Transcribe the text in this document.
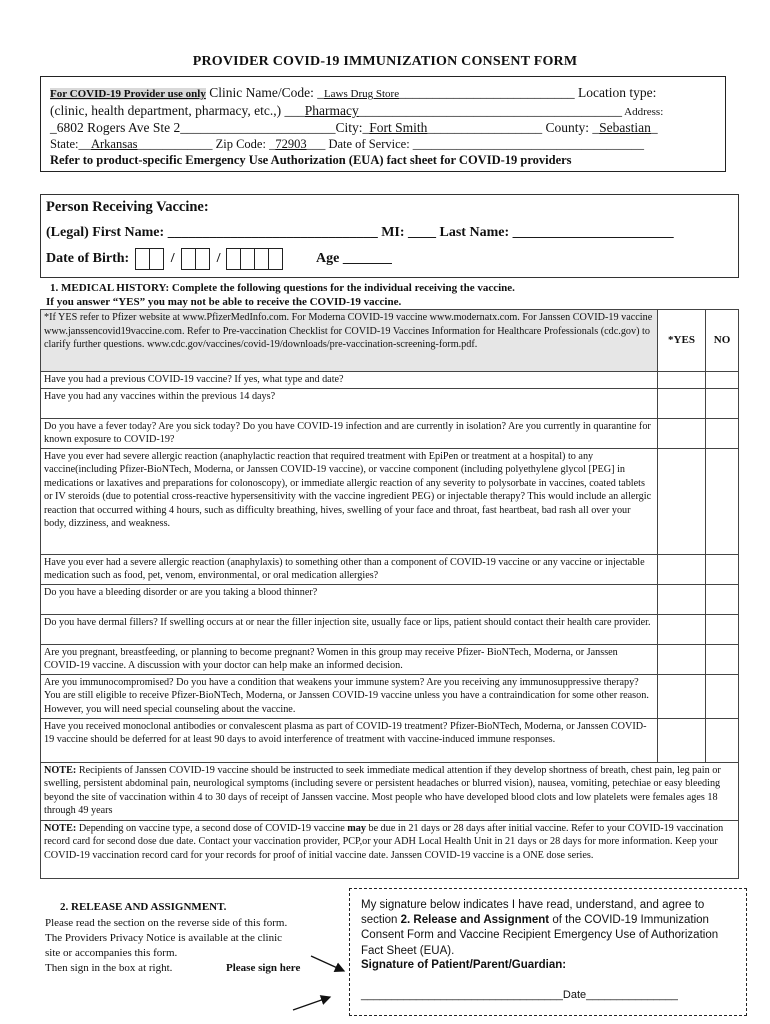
PROVIDER COVID-19 IMMUNIZATION CONSENT FORM
For COVID-19 Provider use only Clinic Name/Code: _Laws Drug Store__________________________ Location type:
(clinic, health department, pharmacy, etc.,) ___Pharmacy_______________________________________ Address:
_6802 Rogers Ave Ste 2_______________________City:_Fort Smith_________________ County: _Sebastian_
State:__Arkansas____________ Zip Code: _72903___ Date of Service: _____________________________________
Refer to product-specific Emergency Use Authorization (EUA) fact sheet for COVID-19 providers
Person Receiving Vaccine:
(Legal) First Name: ______________________________ MI: ____ Last Name: _______________________
Date of Birth:	/	/	Age _______
1. MEDICAL HISTORY: Complete the following questions for the individual receiving the vaccine.
If you answer “YES” you may not be able to receive the COVID-19 vaccine.
*If YES refer to Pfizer website at www.PfizerMedInfo.com. For Moderna COVID-19 vaccine www.modernatx.com. For Janssen COVID-19 vaccine www.janssencovid19vaccine.com. Refer to Pre-vaccination Checklist for COVID-19 Vaccines Information for Healthcare Professionals (cdc.gov) to clarify further questions. www.cdc.gov/vaccines/covid-19/downloads/pre-vaccination-screening-form.pdf.	*YES	NO
Have you had a previous COVID-19 vaccine? If yes, what type and date?		
Have you had any vaccines within the previous 14 days?		
Do you have a fever today? Are you sick today? Do you have COVID-19 infection and are currently in isolation? Are you currently in quarantine for known exposure to COVID-19?		
Have you ever had severe allergic reaction (anaphylactic reaction that required treatment with EpiPen or treatment at a hospital) to any vaccine(including Pfizer-BioNTech, Moderna, or Janssen COVID-19 vaccine), or vaccine component (including polyethylene glycol [PEG] in medications or laxatives and preparations for colonoscopy), or immediate allergic reaction of any severity to polysorbate in vaccines, coated tablets or IV steroids (due to potential cross-reactive hypersensitivity with the vaccine ingredient PEG) or injectable therapy? This would include an allergic reaction that occurred withing 4 hours, such as difficulty breathing, hives, swelling of your face and throat, fast heartbeat, bad rash all over your body, dizziness, and weakness.		
Have you ever had a severe allergic reaction (anaphylaxis) to something other than a component of COVID-19 vaccine or any vaccine or injectable medication such as food, pet, venom, environmental, or oral medication allergies?		
Do you have a bleeding disorder or are you taking a blood thinner?		
Do you have dermal fillers? If swelling occurs at or near the filler injection site, usually face or lips, patient should contact their health care provider.		
Are you pregnant, breastfeeding, or planning to become pregnant? Women in this group may receive Pfizer- BioNTech, Moderna, or Janssen COVID-19 vaccine. A discussion with your doctor can help make an informed decision.		
Are you immunocompromised? Do you have a condition that weakens your immune system? Are you receiving any immunosuppressive therapy? You are still eligible to receive Pfizer-BioNTech, Moderna, or Janssen COVID-19 vaccine unless you have a contraindication for some other reason. However, you will need special counseling about the vaccine.		
Have you received monoclonal antibodies or convalescent plasma as part of COVID-19 treatment? Pfizer-BioNTech, Moderna, or Janssen COVID-19 vaccine should be deferred for at least 90 days to avoid interference of treatment with vaccine-induced immune responses.		
NOTE: Recipients of Janssen COVID-19 vaccine should be instructed to seek immediate medical attention if they develop shortness of breath, chest pain, leg pain or swelling, persistent abdominal pain, neurological symptoms (including severe or persistent headaches or blurred vision), nausea, vomiting, petechiae or easy bleeding beyond the site of vaccination within 4 to 30 days of receipt of Janssen vaccine. Most people who have developed blood clots and low platelets were females ages 18 through 49 years		
NOTE: Depending on vaccine type, a second dose of COVID-19 vaccine may be due in 21 days or 28 days after initial vaccine. Refer to your COVID-19 vaccination record card for second dose due date. Contact your vaccination provider, PCP,or your ADH Local Health Unit in 21 days or 28 days for more information. Keep your COVID-19 vaccination record card for your records for proof of initial vaccine date. Janssen COVID-19 vaccine is a ONE dose series.		
2. RELEASE AND ASSIGNMENT.
Please read the section on the reverse side of this form.
The Providers Privacy Notice is available at the clinic
site or accompanies this form.
Then sign in the box at right.	Please sign here
My signature below indicates I have read, understand, and agree to section 2. Release and Assignment of the COVID-19 Immunization Consent Form and Vaccine Recipient Emergency Use of Authorization Fact Sheet (EUA).
Signature of Patient/Parent/Guardian:
_________________________________Date_______________
